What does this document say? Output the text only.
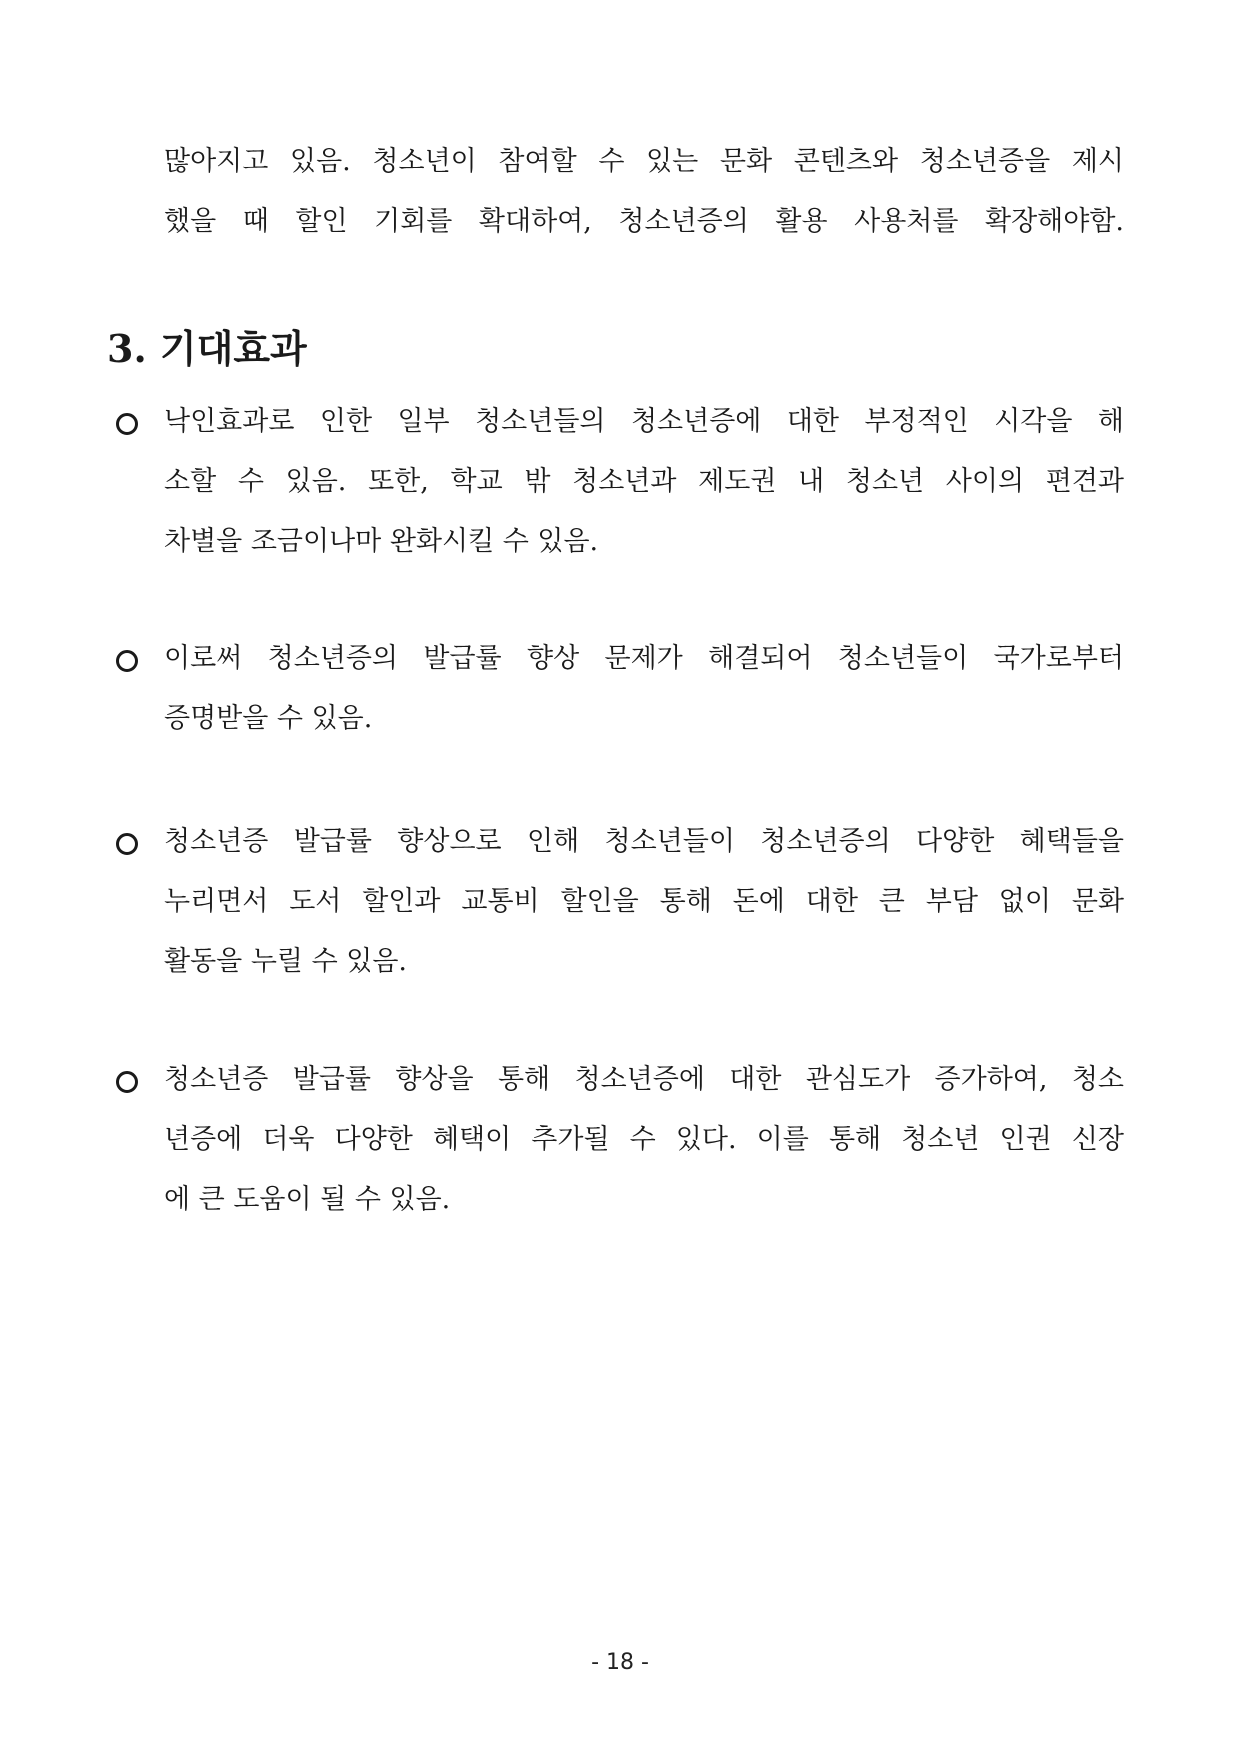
많아지고 있음. 청소년이 참여할 수 있는 문화 콘텐츠와 청소년증을 제시
했을 때 할인 기회를 확대하여, 청소년증의 활용 사용처를 확장해야함.
3. 기대효과
낙인효과로 인한 일부 청소년들의 청소년증에 대한 부정적인 시각을 해
소할 수 있음. 또한, 학교 밖 청소년과 제도권 내 청소년 사이의 편견과
차별을 조금이나마 완화시킬 수 있음.
이로써 청소년증의 발급률 향상 문제가 해결되어 청소년들이 국가로부터
증명받을 수 있음.
청소년증 발급률 향상으로 인해 청소년들이 청소년증의 다양한 혜택들을
누리면서 도서 할인과 교통비 할인을 통해 돈에 대한 큰 부담 없이 문화
활동을 누릴 수 있음.
청소년증 발급률 향상을 통해 청소년증에 대한 관심도가 증가하여, 청소
년증에 더욱 다양한 혜택이 추가될 수 있다. 이를 통해 청소년 인권 신장
에 큰 도움이 될 수 있음.
- 18 -
